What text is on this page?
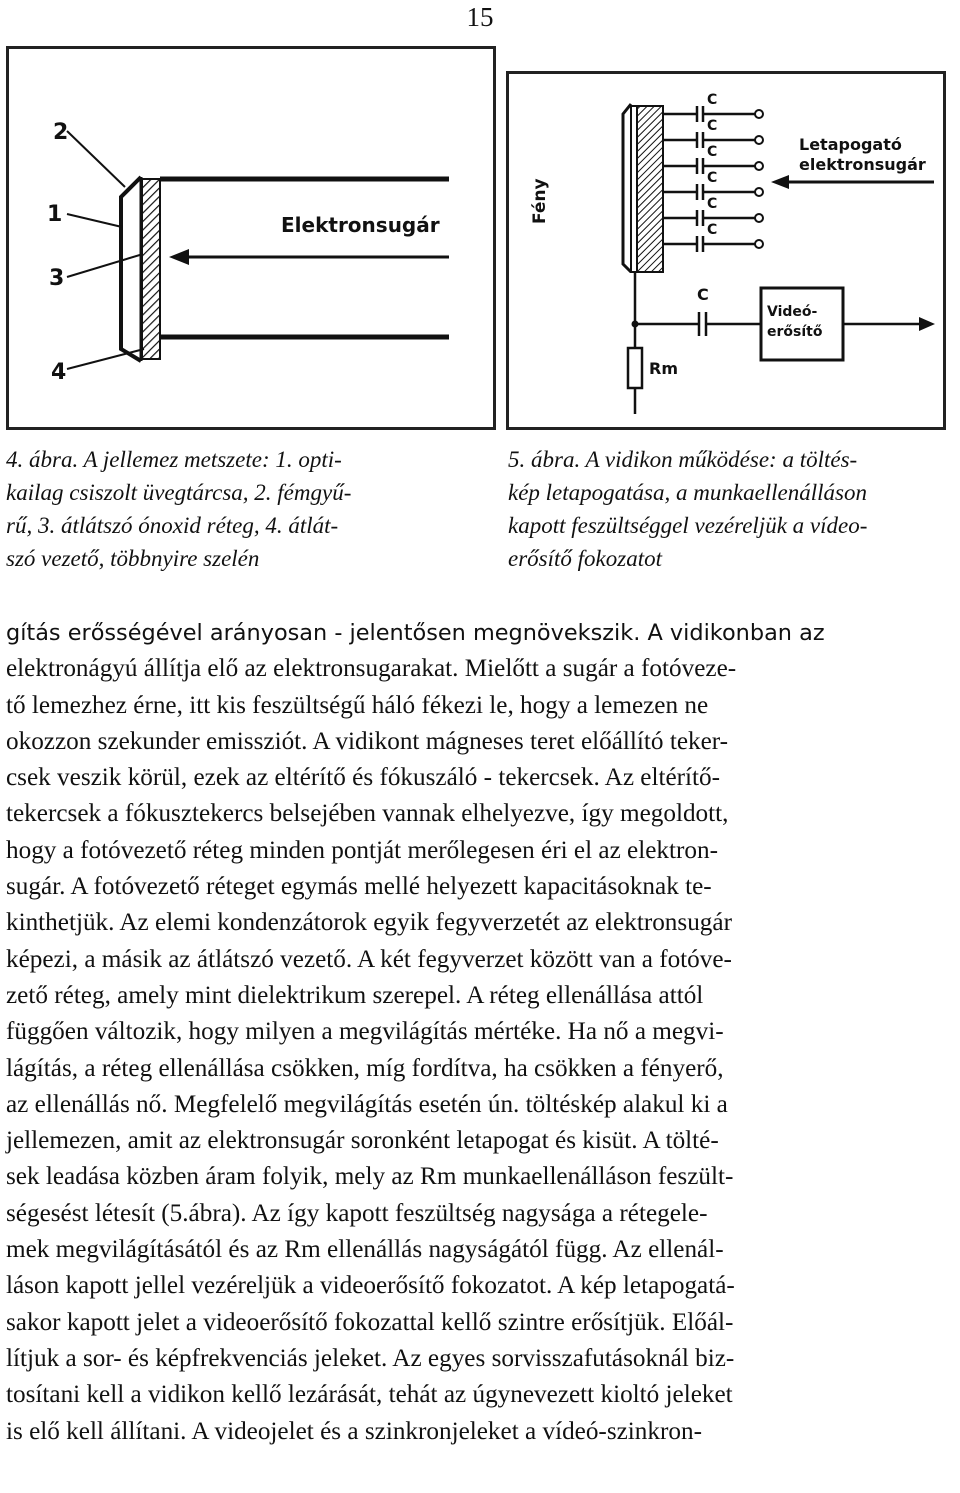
15
2
1
3
4
Elektronsugár
Fény
C
C
C
C
C
C
Letapogató
elektronsugár
C
Videó-
erősítő
Rm

4. ábra. A jellemez metszete: 1. opti-
kailag csiszolt üvegtárcsa, 2. fémgyű-
rű, 3. átlátszó ónoxid réteg, 4. átlát-
szó vezető, többnyire szelén

5. ábra. A vidikon működése: a töltés-
kép letapogatása, a munkaellenálláson
kapott feszültséggel vezéreljük a vídeo-
erősítő fokozatot

gítás erősségével arányosan - jelentősen megnövekszik. A vidikonban az
elektronágyú állítja elő az elektronsugarakat. Mielőtt a sugár a fotóveze-
tő lemezhez érne, itt kis feszültségű háló fékezi le, hogy a lemezen ne
okozzon szekunder emissziót. A vidikont mágneses teret előállító teker-
csek veszik körül, ezek az eltérítő és fókuszáló - tekercsek. Az eltérítő-
tekercsek a fókusztekercs belsejében vannak elhelyezve, így megoldott,
hogy a fotóvezető réteg minden pontját merőlegesen éri el az elektron-
sugár. A fotóvezető réteget egymás mellé helyezett kapacitásoknak te-
kinthetjük. Az elemi kondenzátorok egyik fegyverzetét az elektronsugár
képezi, a másik az átlátszó vezető. A két fegyverzet között van a fotóve-
zető réteg, amely mint dielektrikum szerepel. A réteg ellenállása attól
függően változik, hogy milyen a megvilágítás mértéke. Ha nő a megvi-
lágítás, a réteg ellenállása csökken, míg fordítva, ha csökken a fényerő,
az ellenállás nő. Megfelelő megvilágítás esetén ún. töltéskép alakul ki a
jellemezen, amit az elektronsugár soronként letapogat és kisüt. A tölté-
sek leadása közben áram folyik, mely az Rm munkaellenálláson feszült-
ségesést létesít (5.ábra). Az így kapott feszültség nagysága a rétegele-
mek megvilágításától és az Rm ellenállás nagyságától függ. Az ellenál-
láson kapott jellel vezéreljük a videoerősítő fokozatot. A kép letapogatá-
sakor kapott jelet a videoerősítő fokozattal kellő szintre erősítjük. Előál-
lítjuk a sor- és képfrekvenciás jeleket. Az egyes sorvisszafutásoknál biz-
tosítani kell a vidikon kellő lezárását, tehát az úgynevezett kioltó jeleket
is elő kell állítani. A videojelet és a szinkronjeleket a vídeó-szinkron-
